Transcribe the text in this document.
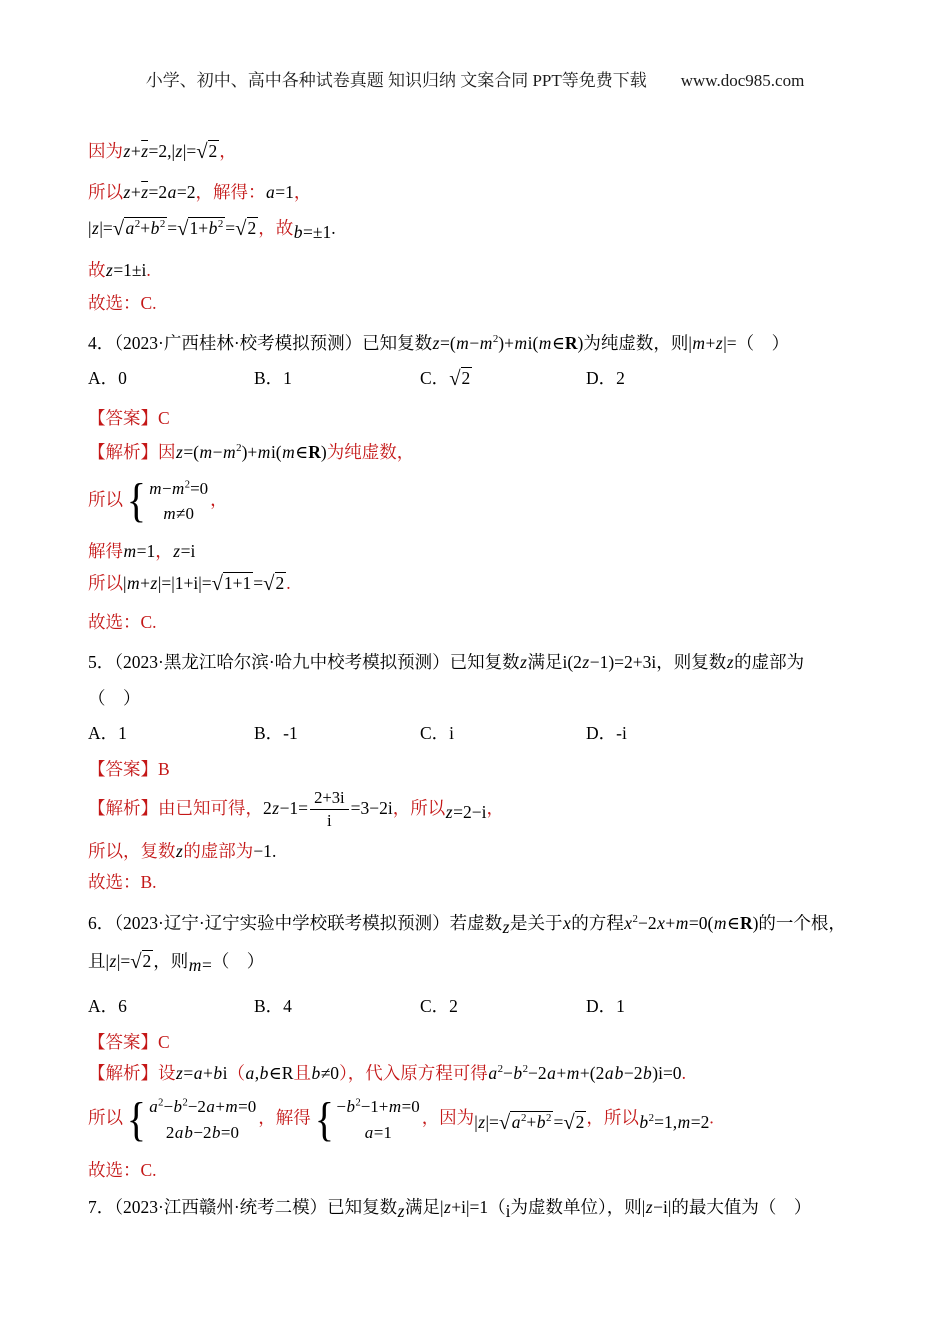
小学、初中、高中各种试卷真题 知识归纳 文案合同 PPT等免费下载 www.doc985.com
因为$z+\overline{z}=2,|z|=√2$ ，
所以$z+\overline{z}=2a=2$，解得：a=1，
$|z|=√a^2+b^2 =√1+b^2 =√2$ ，故b=±1.
故z=1±i.
故选：C.
4．（2023·广西桂林·校考模拟预测）已知复数$z=(m-m^2)+mi(m\in R)$为纯虚数，则|m+z|=（　）
A．0	B．1	C．√2	D．2
【答案】C
【解析】因$z=(m-m^2)+mi(m\in R)$为纯虚数，
所以 { $m-m^2=0$
m≠0
，
解得m=1，z=i
所以|m+z|=|1+i|=√1+1 =√2 .
故选：C.
5．（2023·黑龙江哈尔滨·哈九中校考模拟预测）已知复数z满足i(2z−1)=2+3i，则复数z的虚部为
（　）
A．1	B．-1	C．i	D．-i
【答案】B
【解析】由已知可得，$2z-1= \frac{2+3i}{i} =3-2i$，所以z=2−i，
所以，复数z的虚部为−1.
故选：B.
6．（2023·辽宁·辽宁实验中学校联考模拟预测）若虚数z是关于x的方程$x^2-2x+m=0(m\in R)$的一个根，
且|z|=√2 ，则m=（　）
A．6	B．4	C．2	D．1
【答案】C
【解析】设z=a+bi（a,b∈R且b≠0），代入原方程可得$a^2-b^2-2a+m+(2ab-2b)i=0$.
所以 { $a^2-b^2-2a+m=0$
2ab−2b=0
，解得 { $-b^2-1+m=0$
a=1
，因为$|z|=√a^2+b^2 =√2$ ，所以$b^2=1,m=2$.
故选：C.
7．（2023·江西赣州·统考二模）已知复数z满足|z+i|=1（i为虚数单位），则|z−i|的最大值为（　）
